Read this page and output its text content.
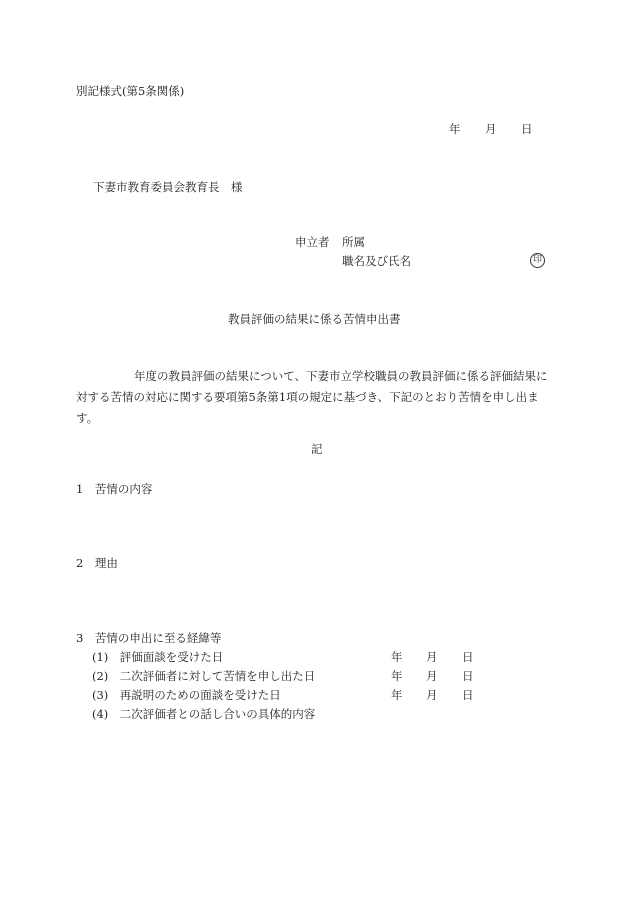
別記様式(第5条関係)
年 月 日
下妻市教育委員会教育長　様
申立者 所属
職名及び氏名	印
教員評価の結果に係る苦情申出書
年度の教員評価の結果について、下妻市立学校職員の教員評価に係る評価結果に対する苦情の対応に関する要項第5条第1項の規定に基づき、下記のとおり苦情を申し出ます。
記
1　苦情の内容
2　理由
3　苦情の申出に至る経緯等
(1)　評価面談を受けた日	年 月 日
(2)　二次評価者に対して苦情を申し出た日	年 月 日
(3)　再説明のための面談を受けた日	年 月 日
(4)　二次評価者との話し合いの具体的内容
